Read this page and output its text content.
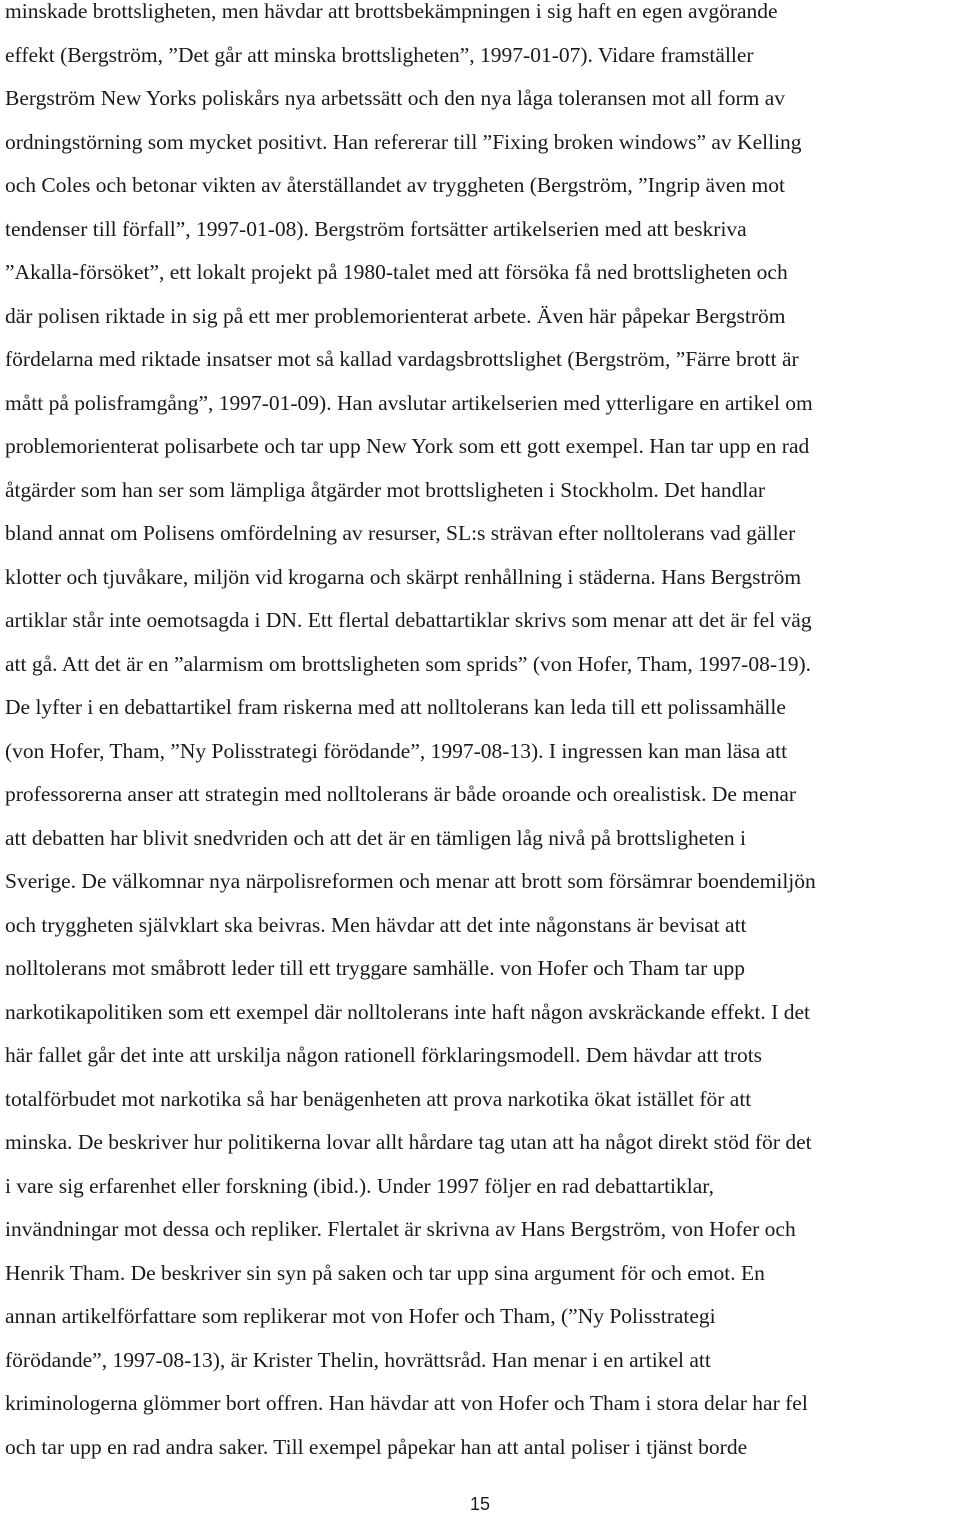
minskade brottsligheten, men hävdar att brottsbekämpningen i sig haft en egen avgörande
effekt (Bergström, ”Det går att minska brottsligheten”, 1997-01-07). Vidare framställer
Bergström New Yorks poliskårs nya arbetssätt och den nya låga toleransen mot all form av
ordningstörning som mycket positivt. Han refererar till ”Fixing broken windows” av Kelling
och Coles och betonar vikten av återställandet av tryggheten (Bergström, ”Ingrip även mot
tendenser till förfall”, 1997-01-08). Bergström fortsätter artikelserien med att beskriva
”Akalla-försöket”, ett lokalt projekt på 1980-talet med att försöka få ned brottsligheten och
där polisen riktade in sig på ett mer problemorienterat arbete. Även här påpekar Bergström
fördelarna med riktade insatser mot så kallad vardagsbrottslighet (Bergström, ”Färre brott är
mått på polisframgång”, 1997-01-09). Han avslutar artikelserien med ytterligare en artikel om
problemorienterat polisarbete och tar upp New York som ett gott exempel. Han tar upp en rad
åtgärder som han ser som lämpliga åtgärder mot brottsligheten i Stockholm. Det handlar
bland annat om Polisens omfördelning av resurser, SL:s strävan efter nolltolerans vad gäller
klotter och tjuvåkare, miljön vid krogarna och skärpt renhållning i städerna. Hans Bergström
artiklar står inte oemotsagda i DN. Ett flertal debattartiklar skrivs som menar att det är fel väg
att gå. Att det är en ”alarmism om brottsligheten som sprids” (von Hofer, Tham, 1997-08-19).
De lyfter i en debattartikel fram riskerna med att nolltolerans kan leda till ett polissamhälle
(von Hofer, Tham, ”Ny Polisstrategi förödande”, 1997-08-13). I ingressen kan man läsa att
professorerna anser att strategin med nolltolerans är både oroande och orealistisk. De menar
att debatten har blivit snedvriden och att det är en tämligen låg nivå på brottsligheten i
Sverige. De välkomnar nya närpolisreformen och menar att brott som försämrar boendemiljön
och tryggheten självklart ska beivras. Men hävdar att det inte någonstans är bevisat att
nolltolerans mot småbrott leder till ett tryggare samhälle. von Hofer och Tham tar upp
narkotikapolitiken som ett exempel där nolltolerans inte haft någon avskräckande effekt. I det
här fallet går det inte att urskilja någon rationell förklaringsmodell. Dem hävdar att trots
totalförbudet mot narkotika så har benägenheten att prova narkotika ökat istället för att
minska. De beskriver hur politikerna lovar allt hårdare tag utan att ha något direkt stöd för det
i vare sig erfarenhet eller forskning (ibid.). Under 1997 följer en rad debattartiklar,
invändningar mot dessa och repliker. Flertalet är skrivna av Hans Bergström, von Hofer och
Henrik Tham. De beskriver sin syn på saken och tar upp sina argument för och emot. En
annan artikelförfattare som replikerar mot von Hofer och Tham, (”Ny Polisstrategi
förödande”, 1997-08-13), är Krister Thelin, hovrättsråd. Han menar i en artikel att
kriminologerna glömmer bort offren. Han hävdar att von Hofer och Tham i stora delar har fel
och tar upp en rad andra saker. Till exempel påpekar han att antal poliser i tjänst borde
15
